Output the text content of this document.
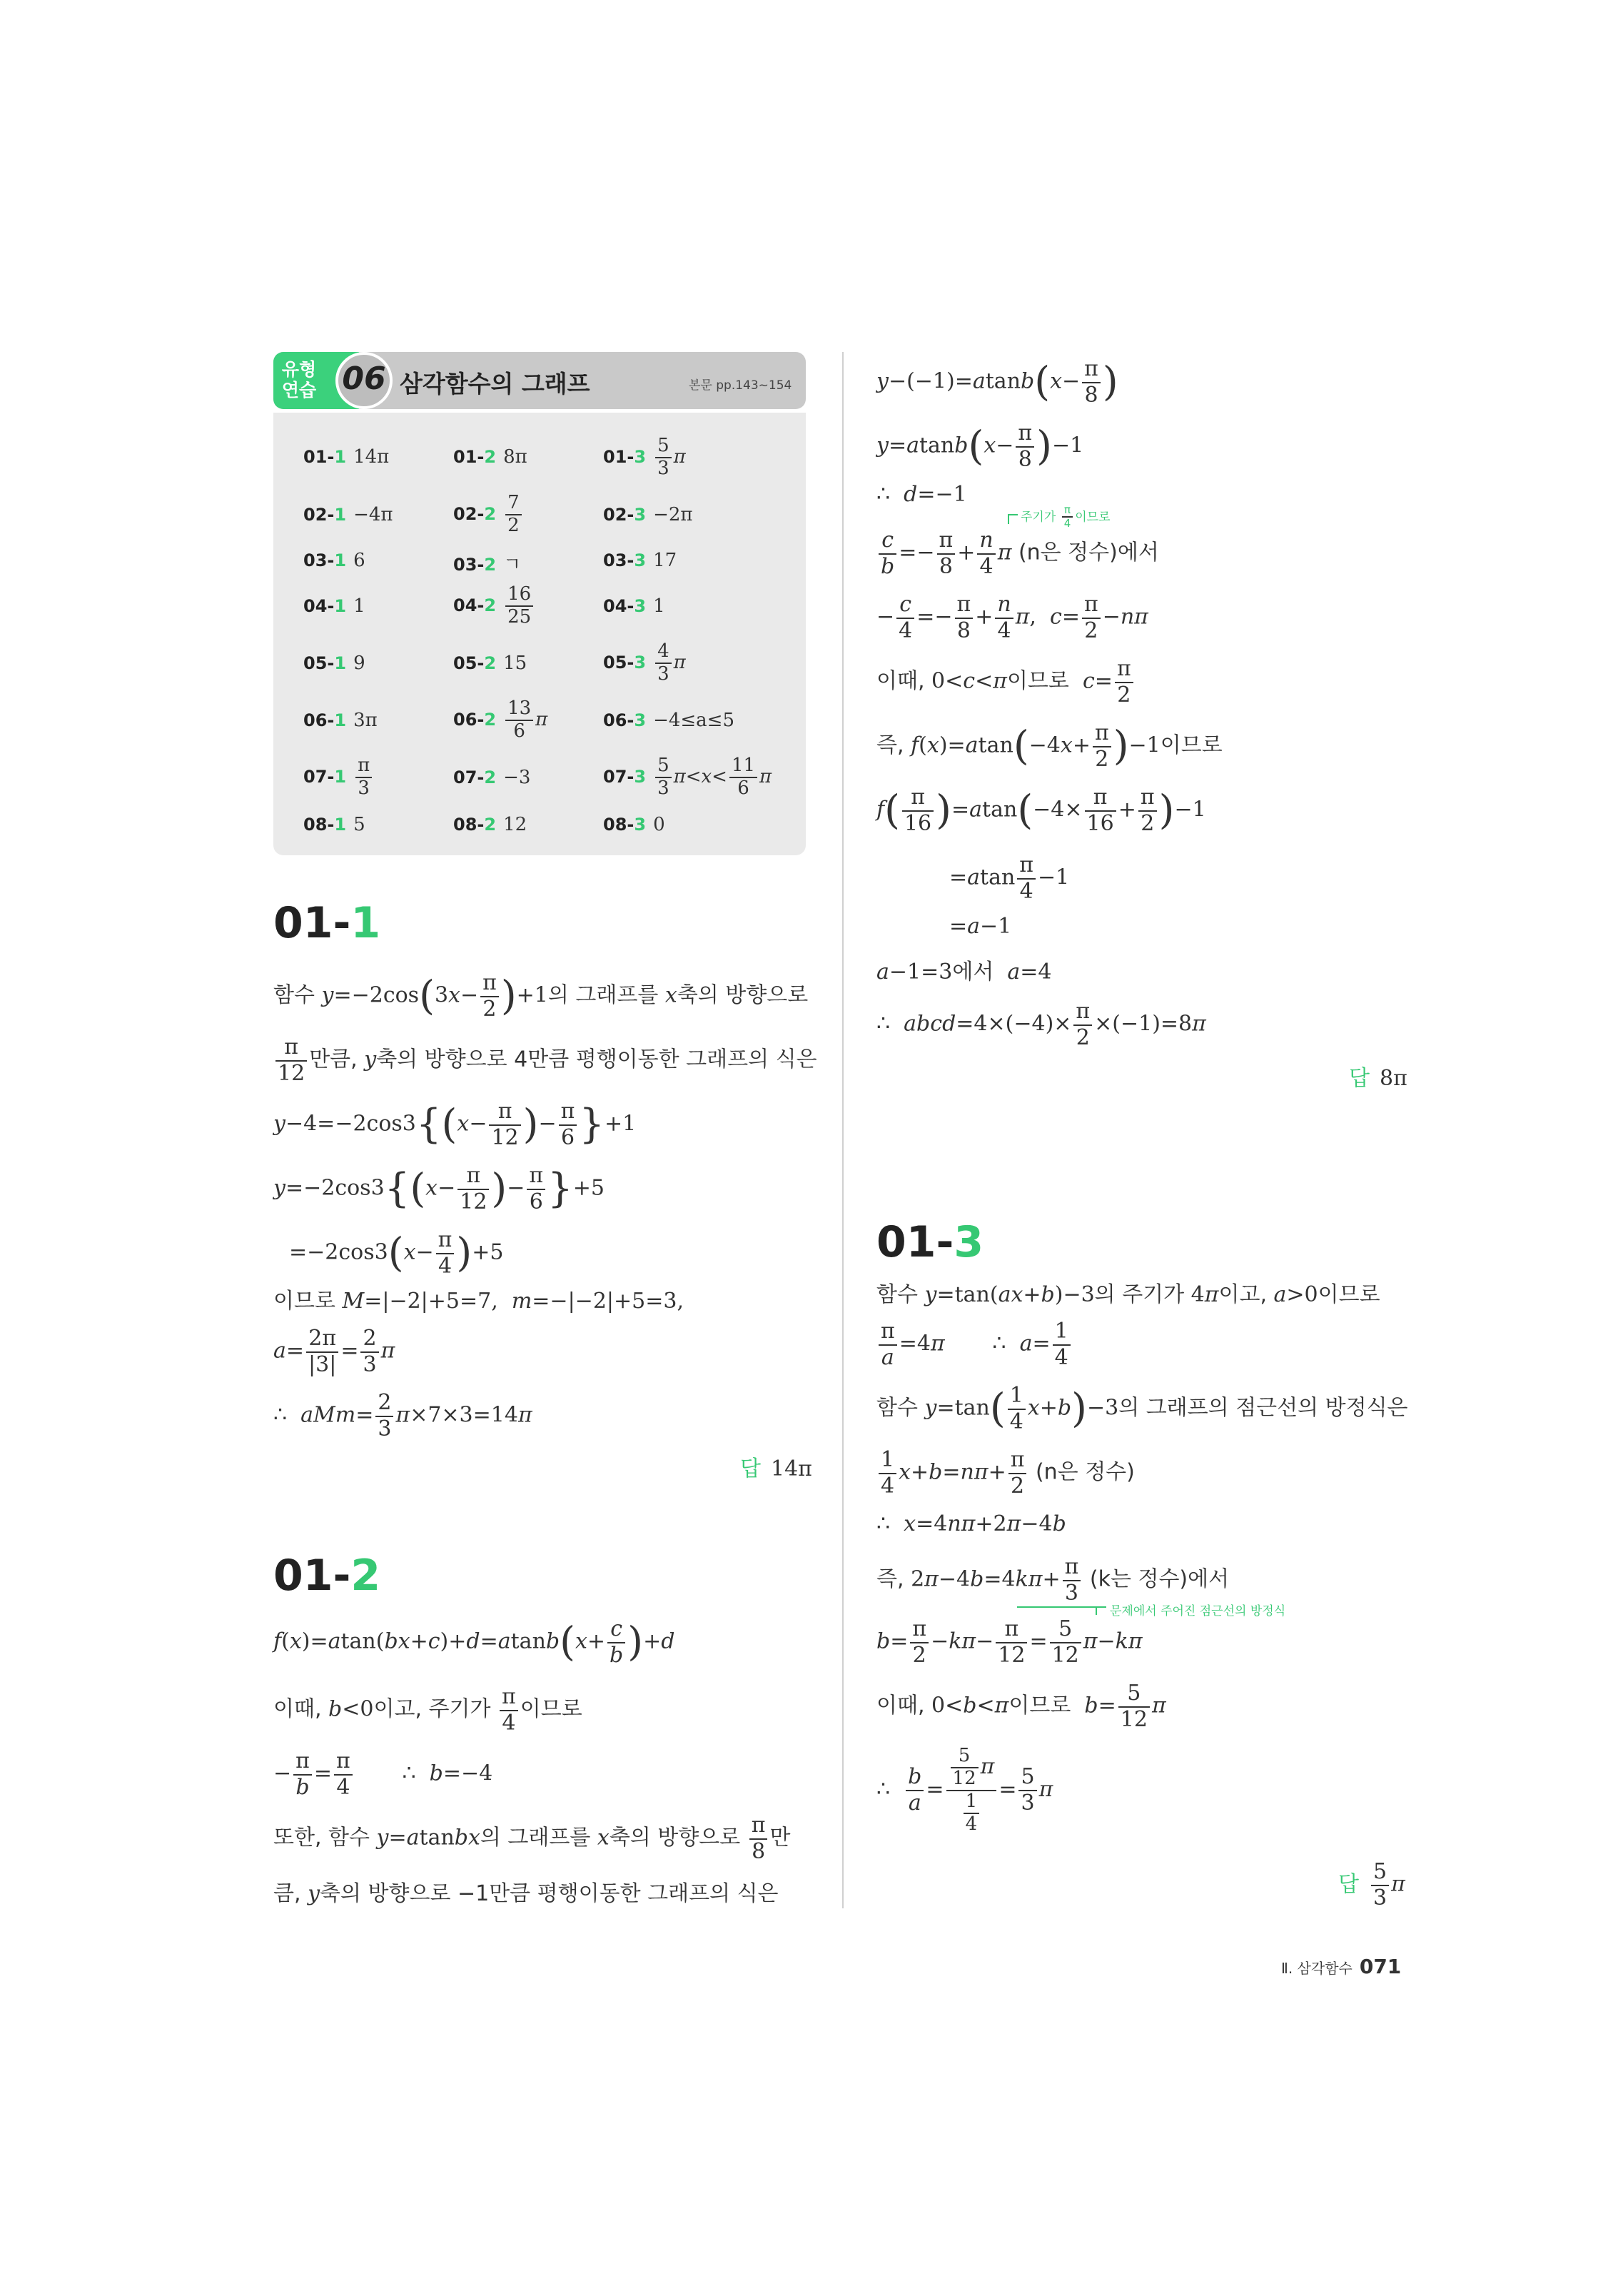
유형
연습 06 삼각함수의 그래프	본문 pp.143~154
01-1 14π	01-2 8π	$01-3 \frac{5}{3}$ π
02-1 −4π	$02-2 \frac{7}{2}$	02-3 −2π
03-1 6	03-2 ㄱ	03-3 17
04-1 1	$04-2 \frac{16}{25}$	04-3 1
05-1 9	05-2 15	$05-3 \frac{4}{3}$ π
06-1 3π	$06-2 \frac{13}{6}$ π	06-3 −4≤a≤5
$07-1 \frac{\pi}{3}$	07-2 −3	$07-3 \frac{5}{3} \pi<x< \frac{11}{6}$ π
08-1 5	08-2 12	08-3 0
01-1
함수 $y=-2\cos(3x- \frac{\pi}{2} )+1$의 그래프를 x축의 방향으로
$\frac{\pi}{12}$ 만큼, y축의 방향으로 4만큼 평행이동한 그래프의 식은
$y-4=-2\cos 3\{(x- \frac{\pi}{12}$ )− $\frac{\pi}{6} \}+1$
$y=-2\cos 3\{(x- \frac{\pi}{12}$ )− $\frac{\pi}{6} \}+5$
$=-2\cos 3(x- \frac{\pi}{4} )+5$
이므로 M=|−2|+5=7,  m=−|−2|+5=3,
$a= \frac{2\pi}{|3|} = \frac{2}{3}$ π
∴  $aMm= \frac{2}{3} \pi\times 7\times 3=14\pi$
답 14π
01-2
$f(x)=atan(bx+c)+d=atanb(x+ \frac{c}{b} )+d$
이때, b<0이고, 주기가 $\frac{\pi}{4}$ 이므로
− $\frac{\pi}{b} = \frac{\pi}{4}$ ∴  b=−4
또한, 함수 y=atanbx의 그래프를 x축의 방향으로 $\frac{\pi}{8}$ 만
큼, y축의 방향으로 −1만큼 평행이동한 그래프의 식은
$y-(-1)=atanb(x- \frac{\pi}{8}$ )
$y=atanb(x- \frac{\pi}{8} )-1$
∴  d=−1
주기가 $\frac{\pi}{4}$ 이므로
$\frac{c}{b} =- \frac{\pi}{8} + \frac{n}{4}$ π (n은 정수)에서
− $\frac{c}{4} =- \frac{\pi}{8} + \frac{n}{4} \pi$,  $c= \frac{\pi}{2} -n\pi$
이때, 0<c<π이므로 $c= \frac{\pi}{2}$
즉, $f(x)=atan(-4x+ \frac{\pi}{2} )-1$이므로
$f( \frac{\pi}{16} )=atan(-4\times \frac{\pi}{16} + \frac{\pi}{2} )-1$
$=atan \frac{\pi}{4} -1$
=a−1
a−1=3에서  a=4
∴  abcd=4×(−4)× $\frac{\pi}{2} \times(-1)=8\pi$
답 8π
01-3
함수 y=tan(ax+b)−3의 주기가 4π이고, a>0이므로
$\frac{\pi}{a} =4\pi$       ∴  $a= \frac{1}{4}$
함수 $y=\tan( \frac{1}{4} x+b)-3$의 그래프의 점근선의 방정식은
$\frac{1}{4} x+b=n\pi+ \frac{\pi}{2} (n$은 정수)
∴  x=4nπ+2π−4b
즉, $2\pi-4b=4k\pi+ \frac{\pi}{3} (k$는 정수)에서
문제에서 주어진 점근선의 방정식
$b= \frac{\pi}{2} -k\pi- \frac{\pi}{12} = \frac{5}{12} \pi-k\pi$
이때, 0<b<π이므로 $b= \frac{5}{12}$ π
∴ $\frac{b}{a} = \frac{\frac{5}{12} \pi}{\frac{1}{4}} = \frac{5}{3}$ π
답 $\frac{5}{3}$ π
Ⅱ. 삼각함수 071
